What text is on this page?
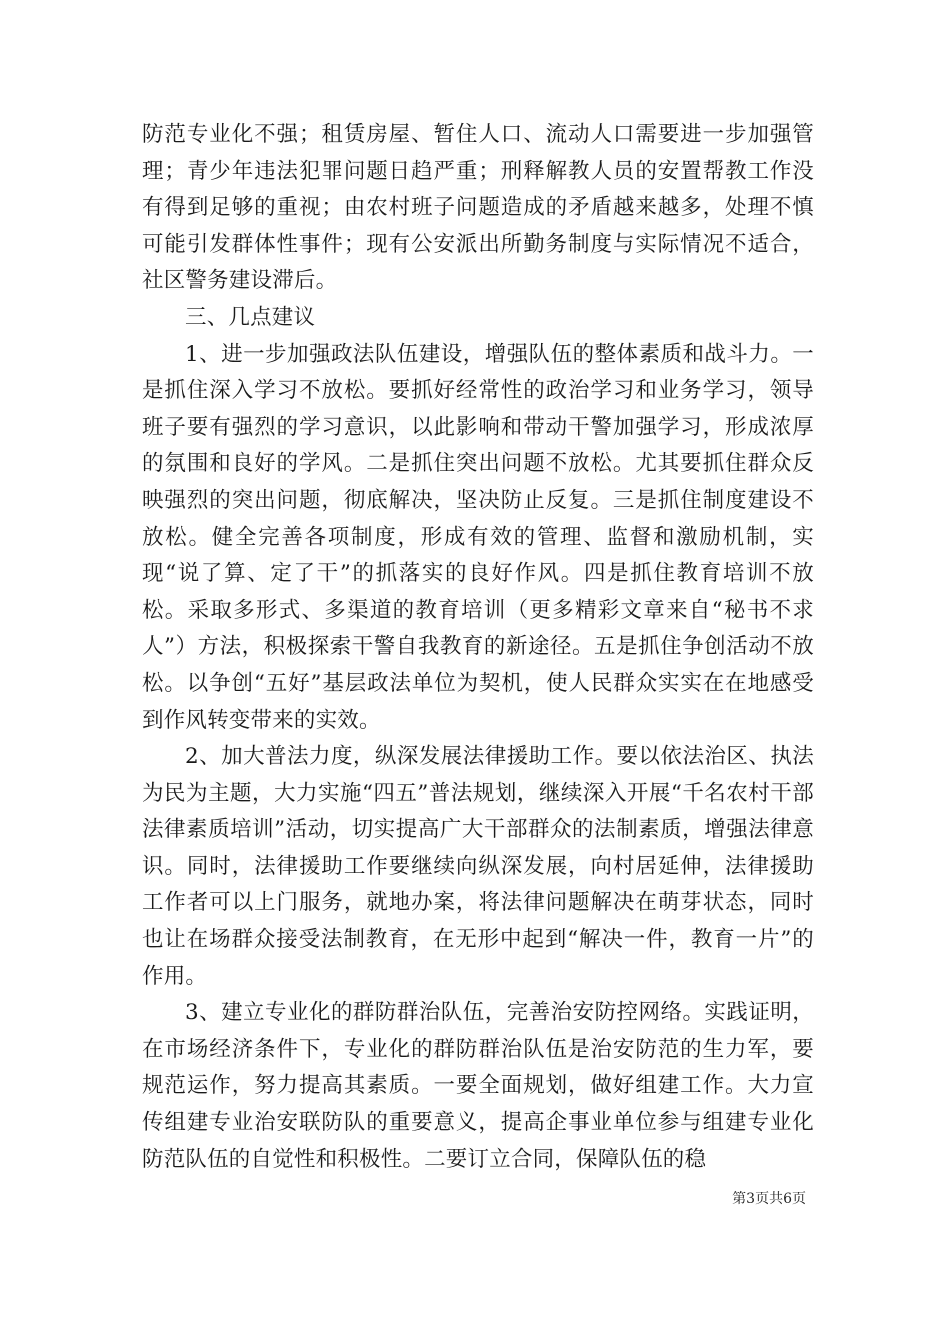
防范专业化不强；租赁房屋、暂住人口、流动人口需要进一步加强管理；青少年违法犯罪问题日趋严重；刑释解教人员的安置帮教工作没有得到足够的重视；由农村班子问题造成的矛盾越来越多，处理不慎可能引发群体性事件；现有公安派出所勤务制度与实际情况不适合，社区警务建设滞后。

三、几点建议

1、进一步加强政法队伍建设，增强队伍的整体素质和战斗力。一是抓住深入学习不放松。要抓好经常性的政治学习和业务学习，领导班子要有强烈的学习意识，以此影响和带动干警加强学习，形成浓厚的氛围和良好的学风。二是抓住突出问题不放松。尤其要抓住群众反映强烈的突出问题，彻底解决，坚决防止反复。三是抓住制度建设不放松。健全完善各项制度，形成有效的管理、监督和激励机制，实现“说了算、定了干”的抓落实的良好作风。四是抓住教育培训不放松。采取多形式、多渠道的教育培训（更多精彩文章来自“秘书不求人”）方法，积极探索干警自我教育的新途径。五是抓住争创活动不放松。以争创“五好”基层政法单位为契机，使人民群众实实在在地感受到作风转变带来的实效。

2、加大普法力度，纵深发展法律援助工作。要以依法治区、执法为民为主题，大力实施“四五”普法规划，继续深入开展“千名农村干部法律素质培训”活动，切实提高广大干部群众的法制素质，增强法律意识。同时，法律援助工作要继续向纵深发展，向村居延伸，法律援助工作者可以上门服务，就地办案，将法律问题解决在萌芽状态，同时也让在场群众接受法制教育，在无形中起到“解决一件，教育一片”的作用。

3、建立专业化的群防群治队伍，完善治安防控网络。实践证明，在市场经济条件下，专业化的群防群治队伍是治安防范的生力军，要规范运作，努力提高其素质。一要全面规划，做好组建工作。大力宣传组建专业治安联防队的重要意义，提高企事业单位参与组建专业化防范队伍的自觉性和积极性。二要订立合同，保障队伍的稳

第3页共6页
